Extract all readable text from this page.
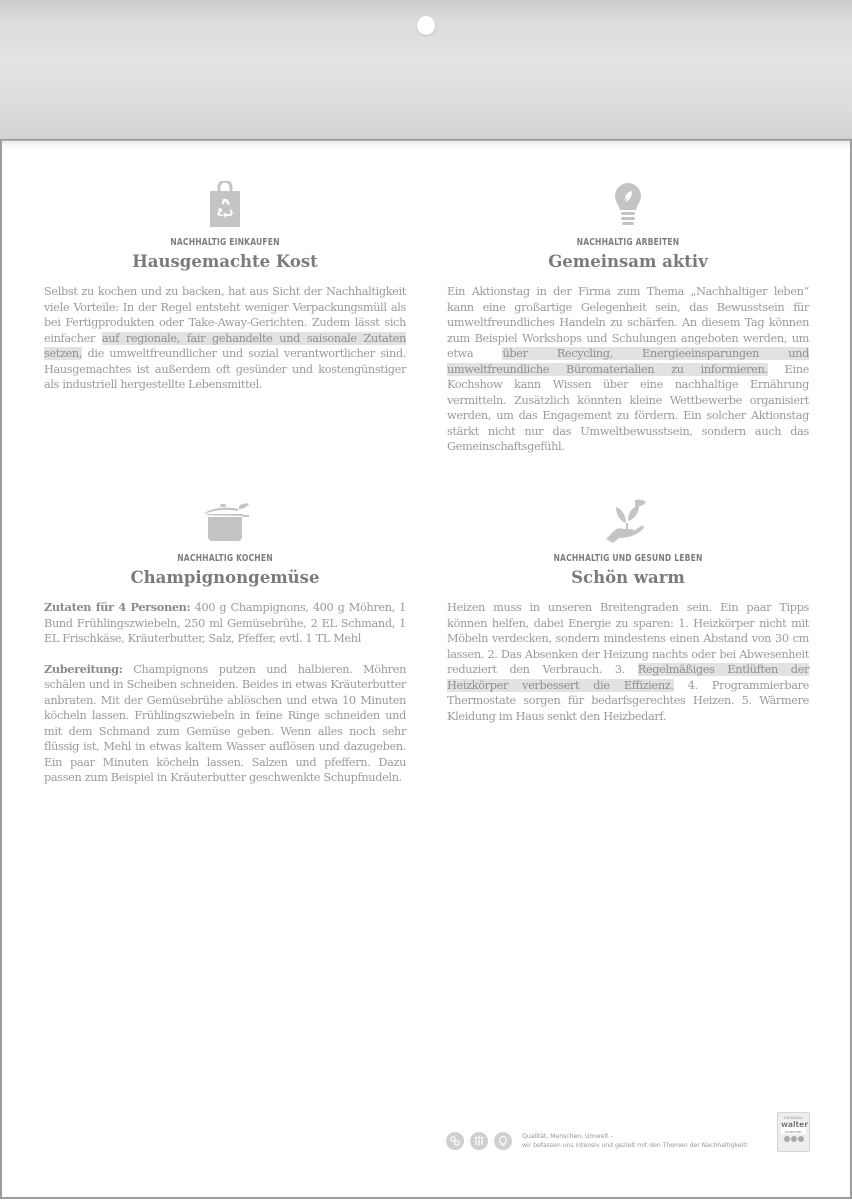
NACHHALTIG EINKAUFEN
Hausgemachte Kost

Selbst zu kochen und zu backen, hat aus Sicht der Nachhaltigkeit viele Vorteile: In der Regel entsteht weniger Verpackungsmüll als bei Fertigprodukten oder Take-Away-Gerichten. Zudem lässt sich einfacher auf regionale, fair gehandelte und saisonale Zutaten setzen, die umweltfreundlicher und sozial verantwortlicher sind. Hausgemachtes ist außerdem oft gesünder und kostengünstiger als industriell hergestellte Lebensmittel.

NACHHALTIG ARBEITEN
Gemeinsam aktiv

Ein Aktionstag in der Firma zum Thema „Nachhaltiger leben“ kann eine großartige Gelegenheit sein, das Bewusstsein für umweltfreundliches Handeln zu schärfen. An diesem Tag können zum Beispiel Workshops und Schulungen angeboten werden, um etwa über Recycling, Energieeinsparungen und umweltfreundliche Büromaterialien zu informieren. Eine Kochshow kann Wissen über eine nachhaltige Ernährung vermitteln. Zusätzlich könnten kleine Wettbewerbe organisiert werden, um das Engagement zu fördern. Ein solcher Aktionstag stärkt nicht nur das Umweltbewusstsein, sondern auch das Gemeinschaftsgefühl.

NACHHALTIG KOCHEN
Champignongemüse

Zutaten für 4 Personen: 400 g Champignons, 400 g Möhren, 1 Bund Frühlingszwiebeln, 250 ml Gemüsebrühe, 2 EL Schmand, 1 EL Frischkäse, Kräuterbutter, Salz, Pfeffer, evtl. 1 TL Mehl

Zubereitung: Champignons putzen und halbieren. Möhren schälen und in Scheiben schneiden. Beides in etwas Kräuterbutter anbraten. Mit der Gemüsebrühe ablöschen und etwa 10 Minuten köcheln lassen. Frühlingszwiebeln in feine Ringe schneiden und mit dem Schmand zum Gemüse geben. Wenn alles noch sehr flüssig ist, Mehl in etwas kaltem Wasser auflösen und dazugeben. Ein paar Minuten köcheln lassen. Salzen und pfeffern. Dazu passen zum Beispiel in Kräuterbutter geschwenkte Schupfnudeln.

NACHHALTIG UND GESUND LEBEN
Schön warm

Heizen muss in unseren Breitengraden sein. Ein paar Tipps können helfen, dabei Energie zu sparen: 1. Heizkörper nicht mit Möbeln verdecken, sondern mindestens einen Abstand von 30 cm lassen. 2. Das Absenken der Heizung nachts oder bei Abwesenheit reduziert den Verbrauch. 3. Regelmäßiges Entlüften der Heizkörper verbessert die Effizienz. 4. Programmierbare Thermostate sorgen für bedarfsgerechtes Heizen. 5. Wärmere Kleidung im Haus senkt den Heizbedarf.

Qualität, Menschen, Umwelt –
wir befassen uns intensiv und gezielt mit den Themen der Nachhaltigkeit!
ORIGINAL
walter
kalender
